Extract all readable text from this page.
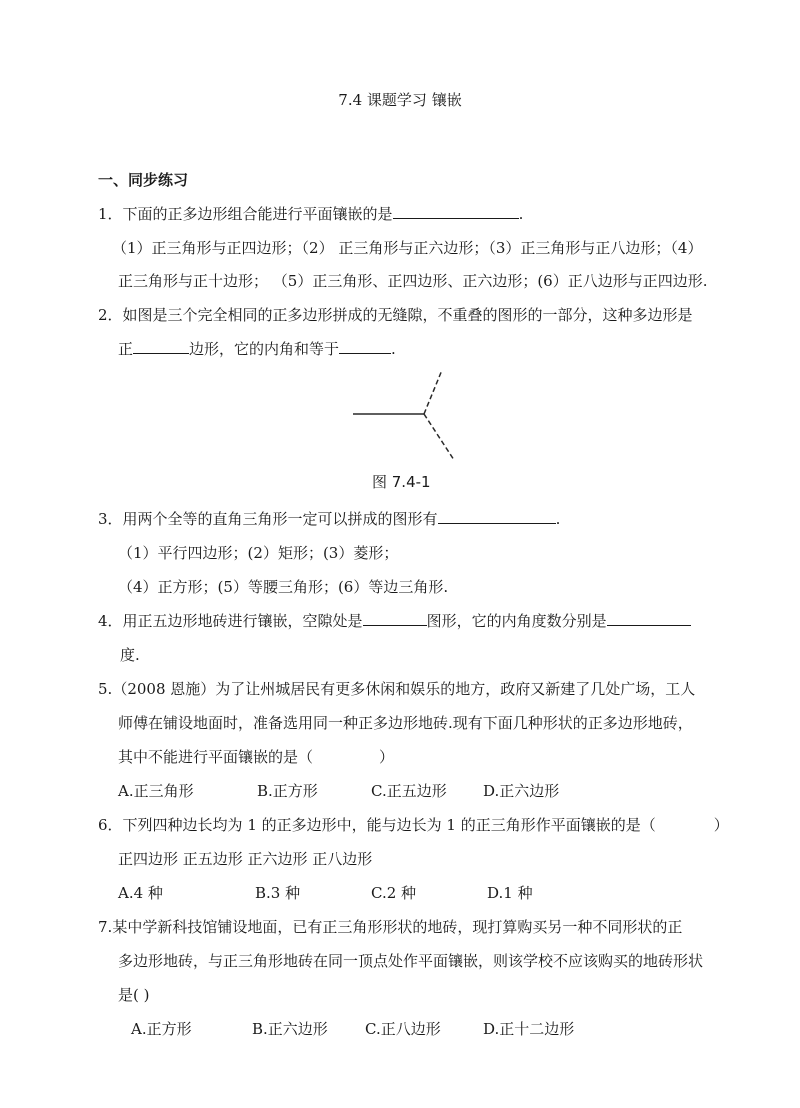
7.4 课题学习 镶嵌
一、同步练习
1．下面的正多边形组合能进行平面镶嵌的是	.
（1）正三角形与正四边形；（2） 正三角形与正六边形；（3）正三角形与正八边形；（4）
正三角形与正十边形； （5）正三角形、正四边形、正六边形；(6）正八边形与正四边形.
2．如图是三个完全相同的正多边形拼成的无缝隙，不重叠的图形的一部分，这种多边形是
正	边形，它的内角和等于	.
图 7.4-1
3．用两个全等的直角三角形一定可以拼成的图形有	.
（1）平行四边形；(2）矩形；(3）菱形；
（4）正方形；(5）等腰三角形；(6）等边三角形.
4．用正五边形地砖进行镶嵌，空隙处是	图形，它的内角度数分别是
度.
5.（2008 恩施）为了让州城居民有更多休闲和娱乐的地方，政府又新建了几处广场，工人
师傅在铺设地面时，准备选用同一种正多边形地砖.现有下面几种形状的正多边形地砖，
其中不能进行平面镶嵌的是（	）
A.正三角形	B.正方形	C.正五边形 D.正六边形
6．下列四种边长均为 1 的正多边形中，能与边长为 1 的正三角形作平面镶嵌的是（	）
正四边形 正五边形 正六边形 正八边形
A.4 种	B.3 种	C.2 种	D.1 种
7.某中学新科技馆铺设地面，已有正三角形形状的地砖，现打算购买另一种不同形状的正
多边形地砖，与正三角形地砖在同一顶点处作平面镶嵌，则该学校不应该购买的地砖形状
是( )
A.正方形	B.正六边形 C.正八边形	D.正十二边形
